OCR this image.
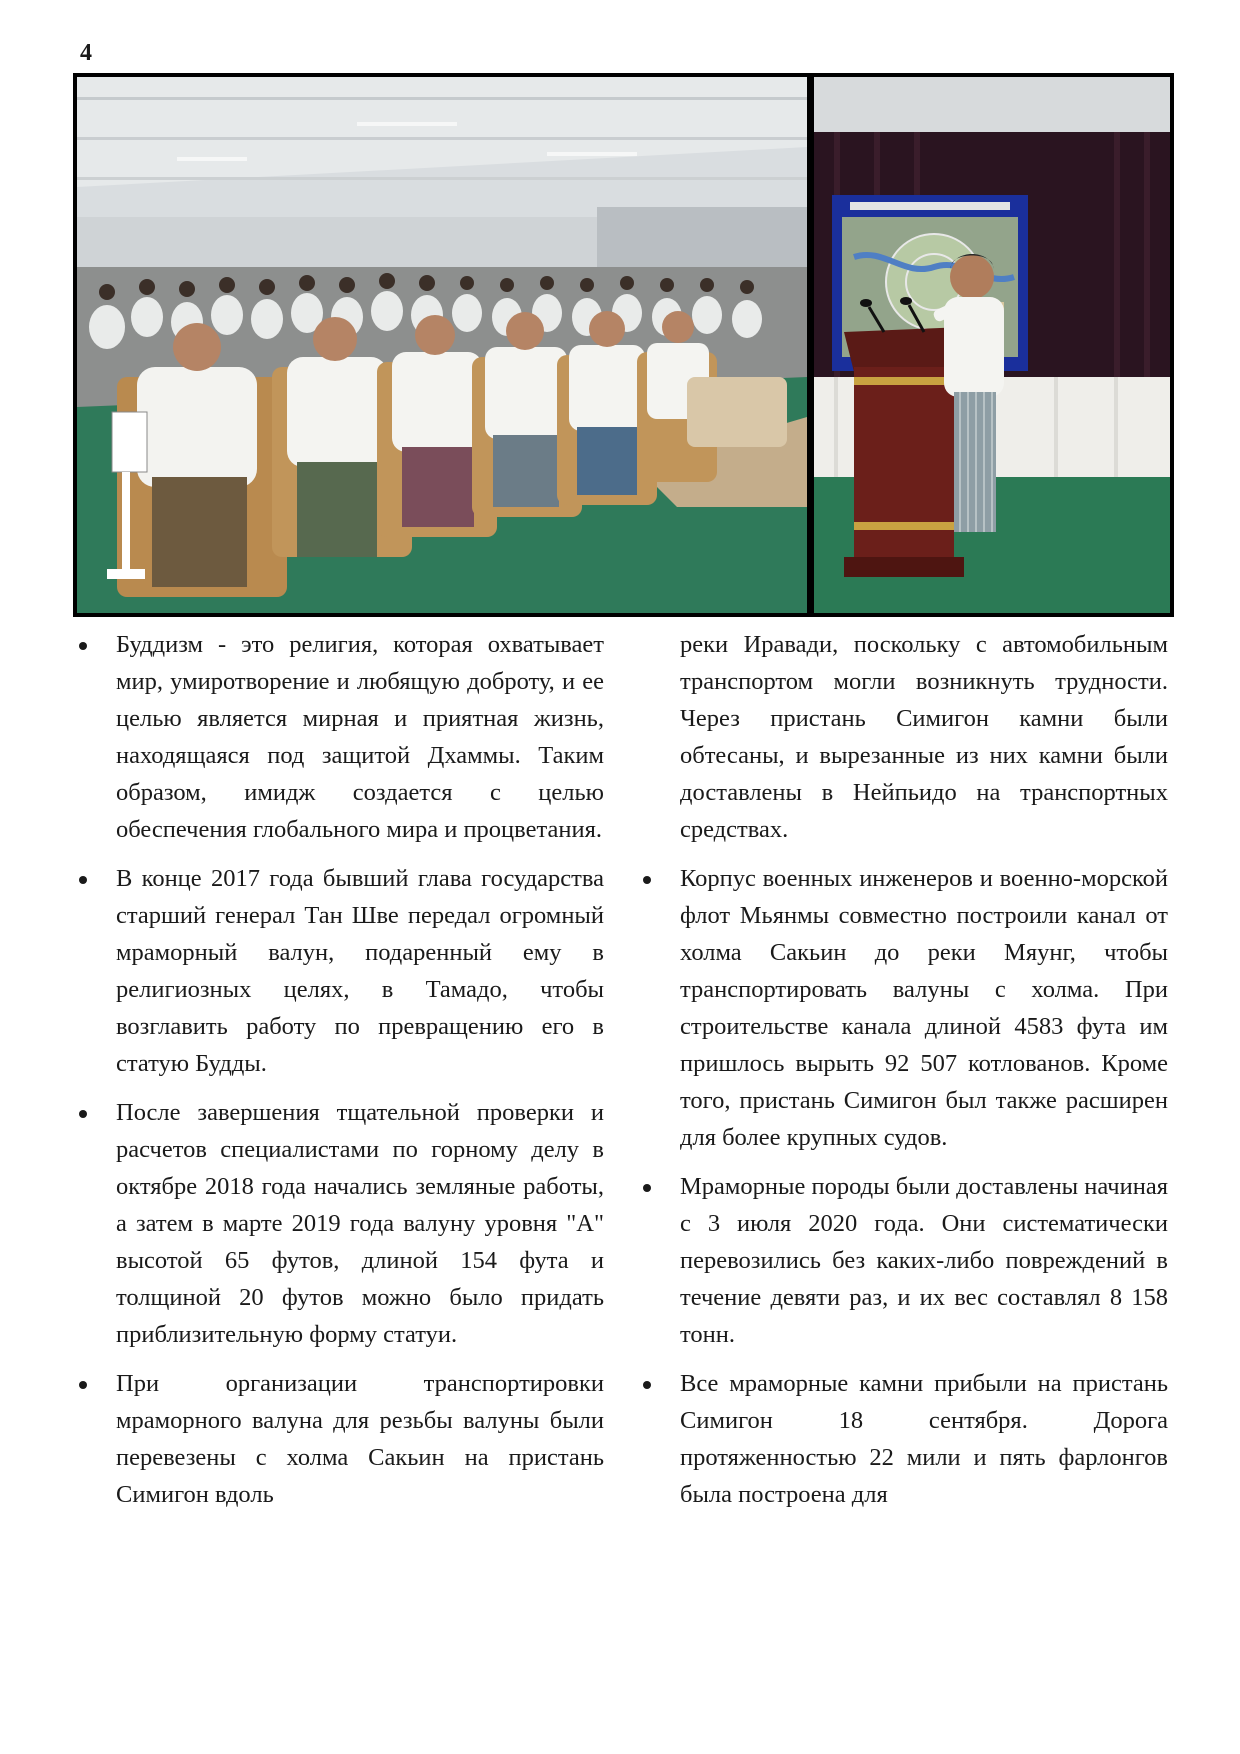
4
Буддизм - это религия, которая охватывает мир, умиротворение и любящую доброту, и ее целью является мирная и приятная жизнь, находящаяся под защитой Дхаммы. Таким образом, имидж создается с целью обеспечения глобального мира и процветания.
В конце 2017 года бывший глава государства старший генерал Тан Шве передал огромный мраморный валун, подаренный ему в религиозных целях, в Тамадо, чтобы возглавить работу по превращению его в статую Будды.
После завершения тщательной проверки и расчетов специалистами по горному делу в октябре 2018 года начались земляные работы, а затем в марте 2019 года валуну уровня "А" высотой 65 футов, длиной 154 фута и толщиной 20 футов можно было придать приблизительную форму статуи.
При организации транспортировки мраморного валуна для резьбы валуны были перевезены с холма Сакьин на пристань Симигон вдоль
реки Иравади, поскольку с автомобильным транспортом могли возникнуть трудности. Через пристань Симигон камни были обтесаны, и вырезанные из них камни были доставлены в Нейпьидо на транспортных средствах.
Корпус военных инженеров и военно-морской флот Мьянмы совместно построили канал от холма Сакьин до реки Мяунг, чтобы транспортировать валуны с холма. При строительстве канала длиной 4583 фута им пришлось вырыть 92 507 котлованов. Кроме того, пристань Симигон был также расширен для более крупных судов.
Мраморные породы были доставлены начиная с 3 июля 2020 года. Они систематически перевозились без каких-либо повреждений в течение девяти раз, и их вес составлял 8 158 тонн.
Все мраморные камни прибыли на пристань Симигон 18 сентября. Дорога протяженностью 22 мили и пять фарлонгов была построена для
